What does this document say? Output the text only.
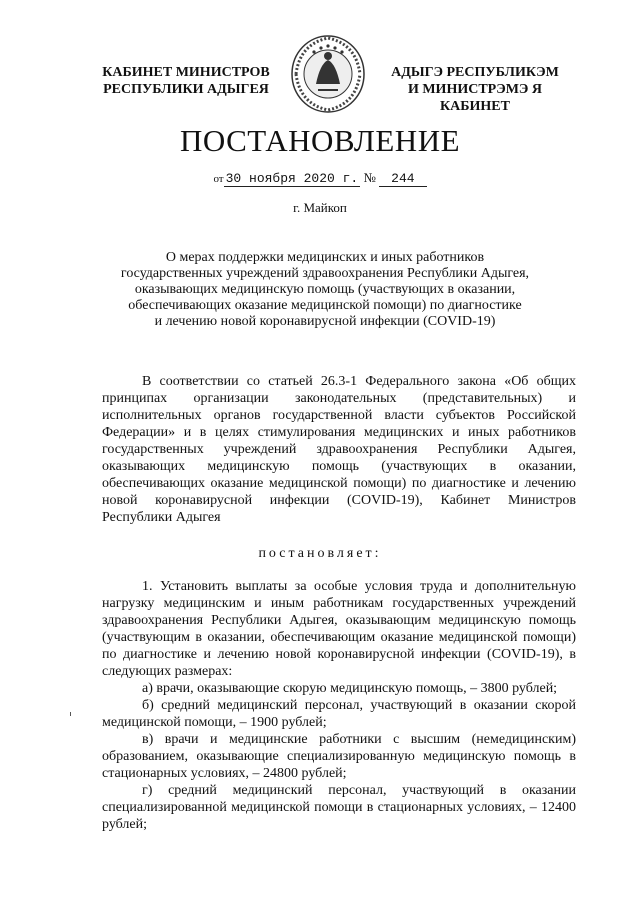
КАБИНЕТ МИНИСТРОВ
РЕСПУБЛИКИ АДЫГЕЯ
АДЫГЭ РЕСПУБЛИКЭМ
И МИНИСТРЭМЭ Я КАБИНЕТ
ПОСТАНОВЛЕНИЕ
от 30 ноября 2020 г. № 244
г. Майкоп
О мерах поддержки медицинских и иных работников
государственных учреждений здравоохранения Республики Адыгея,
оказывающих медицинскую помощь (участвующих в оказании,
обеспечивающих оказание медицинской помощи) по диагностике
и лечению новой коронавирусной инфекции (COVID-19)

В соответствии со статьей 26.3-1 Федерального закона «Об общих принципах организации законодательных (представительных) и исполнительных органов государственной власти субъектов Российской Федерации» и в целях стимулирования медицинских и иных работников государственных учреждений здравоохранения Республики Адыгея, оказывающих медицинскую помощь (участвующих в оказании, обеспечивающих оказание медицинской помощи) по диагностике и лечению новой коронавирусной инфекции (COVID-19), Кабинет Министров Республики Адыгея

постановляет:

1. Установить выплаты за особые условия труда и дополнительную нагрузку медицинским и иным работникам государственных учреждений здравоохранения Республики Адыгея, оказывающим медицинскую помощь (участвующим в оказании, обеспечивающим оказание медицинской помощи) по диагностике и лечению новой коронавирусной инфекции (COVID-19), в следующих размерах:

а) врачи, оказывающие скорую медицинскую помощь, – 3800 рублей;

б) средний медицинский персонал, участвующий в оказании скорой медицинской помощи, – 1900 рублей;

в) врачи и медицинские работники с высшим (немедицинским) образованием, оказывающие специализированную медицинскую помощь в стационарных условиях, – 24800 рублей;

г) средний медицинский персонал, участвующий в оказании специализированной медицинской помощи в стационарных условиях, – 12400 рублей;
